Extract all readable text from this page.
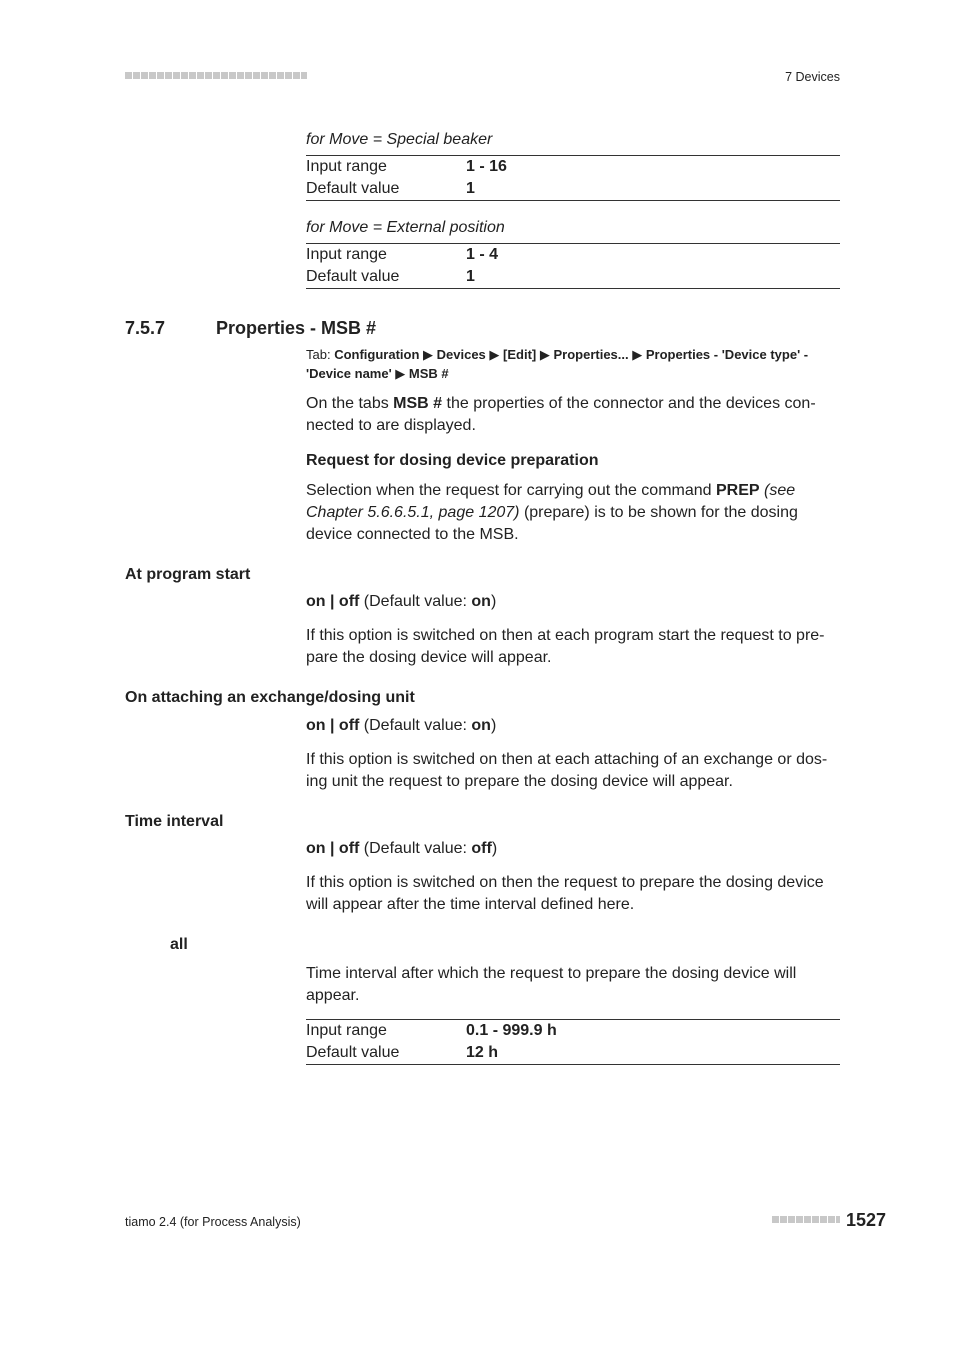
7 Devices
for Move = Special beaker
Input range	1 - 16
Default value	1
for Move = External position
Input range	1 - 4
Default value	1
7.5.7	Properties - MSB #
Tab: Configuration ▶ Devices ▶ [Edit] ▶ Properties... ▶ Properties - 'Device type' - 'Device name' ▶ MSB #
On the tabs MSB # the properties of the connector and the devices con-nected to are displayed.
Request for dosing device preparation
Selection when the request for carrying out the command PREP (see Chapter 5.6.6.5.1, page 1207) (prepare) is to be shown for the dosing device connected to the MSB.
At program start
on | off (Default value: on)
If this option is switched on then at each program start the request to pre-pare the dosing device will appear.
On attaching an exchange/dosing unit
on | off (Default value: on)
If this option is switched on then at each attaching of an exchange or dos-ing unit the request to prepare the dosing device will appear.
Time interval
on | off (Default value: off)
If this option is switched on then the request to prepare the dosing device will appear after the time interval defined here.
all
Time interval after which the request to prepare the dosing device will appear.
Input range	0.1 - 999.9 h
Default value	12 h
tiamo 2.4 (for Process Analysis)	1527
